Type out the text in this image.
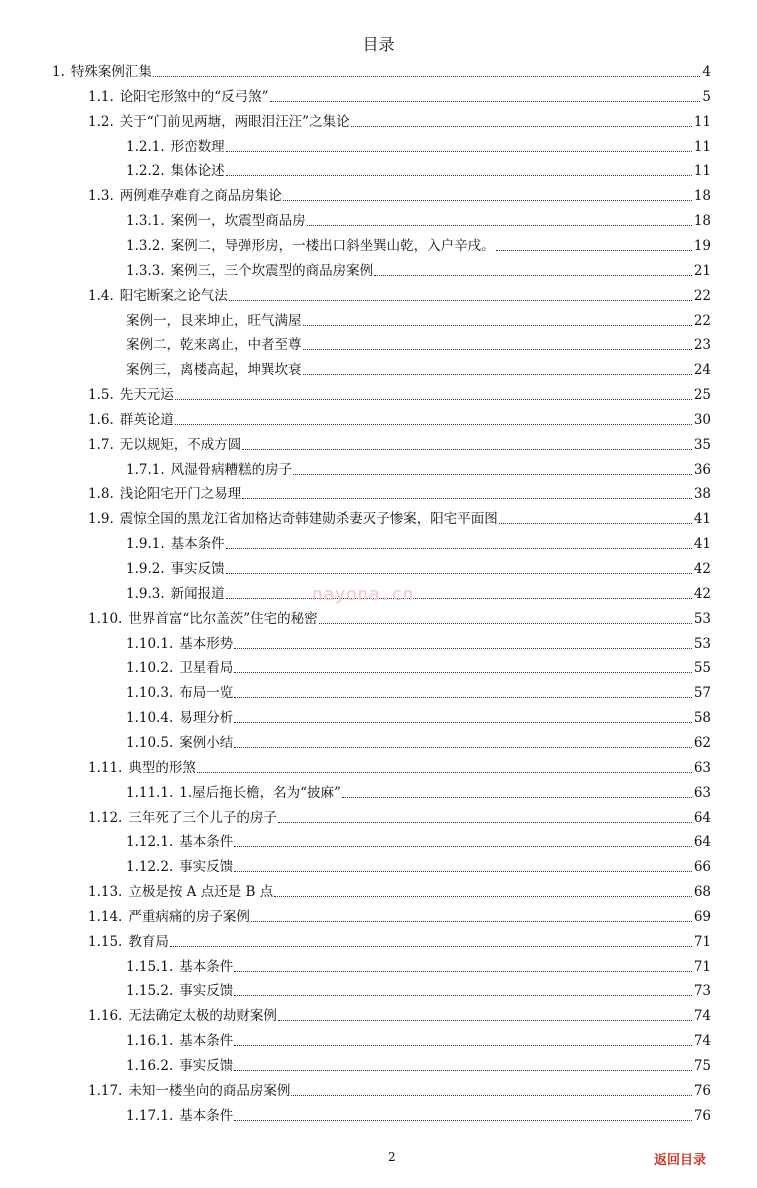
目录
1. 特殊案例汇集	4
1.1. 论阳宅形煞中的“反弓煞”	5
1.2. 关于“门前见两塘，两眼泪汪汪”之集论	11
1.2.1. 形峦数理	11
1.2.2. 集体论述	11
1.3. 两例难孕难育之商品房集论	18
1.3.1. 案例一，坎震型商品房	18
1.3.2. 案例二，导弹形房，一楼出口斜坐巽山乾，入户辛戌。	19
1.3.3. 案例三，三个坎震型的商品房案例	21
1.4. 阳宅断案之论气法	22
案例一，艮来坤止，旺气满屋	22
案例二，乾来离止，中者至尊	23
案例三，离楼高起，坤巽坎衰	24
1.5. 先天元运	25
1.6. 群英论道	30
1.7. 无以规矩，不成方圆	35
1.7.1. 风湿骨病糟糕的房子	36
1.8. 浅论阳宅开门之易理	38
1.9. 震惊全国的黑龙江省加格达奇韩建勋杀妻灭子惨案，阳宅平面图	41
1.9.1. 基本条件	41
1.9.2. 事实反馈	42
1.9.3. 新闻报道	42
1.10. 世界首富“比尔盖茨”住宅的秘密	53
1.10.1. 基本形势	53
1.10.2. 卫星看局	55
1.10.3. 布局一览	57
1.10.4. 易理分析	58
1.10.5. 案例小结	62
1.11. 典型的形煞	63
1.11.1. 1.屋后拖长檐，名为“披麻”	63
1.12. 三年死了三个儿子的房子	64
1.12.1. 基本条件	64
1.12.2. 事实反馈	66
1.13. 立极是按 A 点还是 B 点	68
1.14. 严重病痛的房子案例	69
1.15. 教育局	71
1.15.1. 基本条件	71
1.15.2. 事实反馈	73
1.16. 无法确定太极的劫财案例	74
1.16.1. 基本条件	74
1.16.2. 事实反馈	75
1.17. 未知一楼坐向的商品房案例	76
1.17.1. 基本条件	76
nayona.cn
2	返回目录
